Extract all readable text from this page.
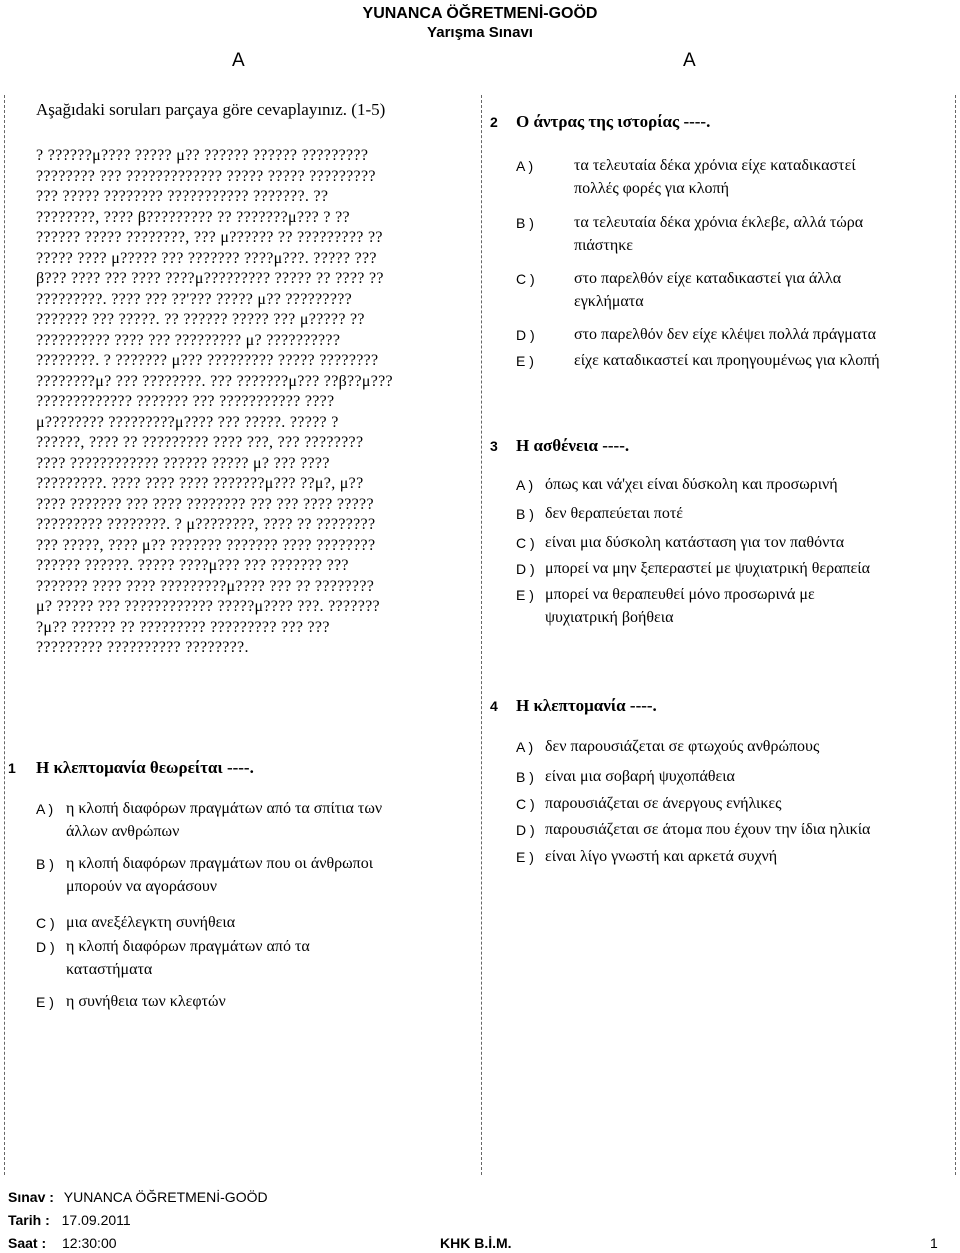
YUNANCA ÖĞRETMENİ-GOÖD
Yarışma Sınavı
A	A
Aşağıdaki soruları parçaya göre cevaplayınız. (1-5)
? ??????μ???? ????? μ?? ?????? ?????? ?????????
???????? ??? ????????????? ????? ????? ?????????
??? ????? ???????? ??????????? ???????. ??
????????, ???? β????????? ?? ???????μ??? ? ??
?????? ????? ????????, ??? μ?????? ?? ????????? ??
????? ???? μ????? ??? ??????? ????μ???. ????? ???
β??? ???? ??? ???? ????μ????????? ????? ?? ???? ??
?????????. ???? ??? ??'??? ????? μ?? ?????????
??????? ??? ?????. ?? ?????? ????? ??? μ????? ??
?????????? ???? ??? ????????? μ? ??????????
????????. ? ??????? μ??? ????????? ????? ????????
????????μ? ??? ????????. ??? ???????μ??? ??β??μ???
????????????? ??????? ??? ??????????? ????
μ???????? ?????????μ???? ??? ?????. ????? ?
??????, ???? ?? ????????? ???? ???, ??? ????????
???? ???????????? ?????? ????? μ? ??? ????
?????????. ???? ???? ???? ???????μ??? ??μ?, μ??
???? ??????? ??? ???? ???????? ??? ??? ???? ?????
????????? ????????. ? μ????????, ???? ?? ????????
??? ?????, ???? μ?? ??????? ??????? ???? ????????
?????? ??????. ????? ????μ??? ??? ??????? ???
??????? ???? ???? ?????????μ???? ??? ?? ????????
μ? ????? ??? ???????????? ?????μ???? ???. ???????
?μ?? ?????? ?? ????????? ????????? ??? ???
????????? ?????????? ????????.
1 Η κλεπτομανία θεωρείται ----.
A ) η κλοπή διαφόρων πραγμάτων από τα σπίτια των
άλλων ανθρώπων
B ) η κλοπή διαφόρων πραγμάτων που οι άνθρωποι
μπορούν να αγοράσουν
C ) μια ανεξέλεγκτη συνήθεια
D ) η κλοπή διαφόρων πραγμάτων από τα
καταστήματα
E ) η συνήθεια των κλεφτών
2 Ο άντρας της ιστορίας ----.
A )	τα τελευταία δέκα χρόνια είχε καταδικαστεί
πολλές φορές για κλοπή
B )	τα τελευταία δέκα χρόνια έκλεβε, αλλά τώρα
πιάστηκε
C ) στο παρελθόν είχε καταδικαστεί για άλλα
εγκλήματα
D ) στο παρελθόν δεν είχε κλέψει πολλά πράγματα
E )	είχε καταδικαστεί και προηγουμένως για κλοπή
3 Η ασθένεια ----.
A ) όπως και νά'χει είναι δύσκολη και προσωρινή
B ) δεν θεραπεύεται ποτέ
C ) είναι μια δύσκολη κατάσταση για τον παθόντα
D ) μπορεί να μην ξεπεραστεί με ψυχιατρική θεραπεία
E ) μπορεί να θεραπευθεί μόνο προσωρινά με
ψυχιατρική βοήθεια
4 Η κλεπτομανία ----.
A ) δεν παρουσιάζεται σε φτωχούς ανθρώπους
B ) είναι μια σοβαρή ψυχοπάθεια
C ) παρουσιάζεται σε άνεργους ενήλικες
D ) παρουσιάζεται σε άτομα που έχουν την ίδια ηλικία
E ) είναι λίγο γνωστή και αρκετά συχνή
Sınav : YUNANCA ÖĞRETMENİ-GOÖD
Tarih : 17.09.2011
Saat : 12:30:00	KHK B.İ.M.	1
